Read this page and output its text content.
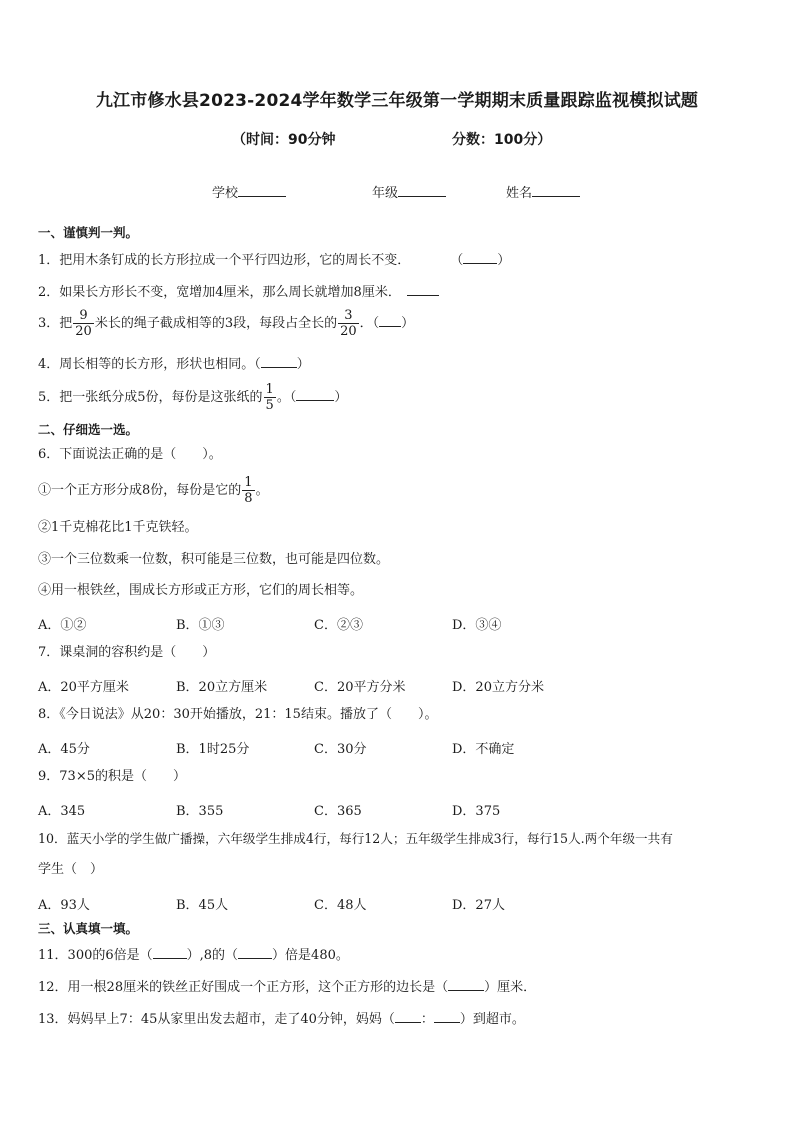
九江市修水县2023-2024学年数学三年级第一学期期末质量跟踪监视模拟试题
（时间：90分钟	分数：100分）
学校	年级	姓名
一、谨慎判一判。
1．把用木条钉成的长方形拉成一个平行四边形，它的周长不变．	（	）
2．如果长方形长不变，宽增加4厘米，那么周长就增加8厘米．
3．把 $\frac{9}{20}$ 米长的绳子截成相等的3段，每段占全长的 $\frac{3}{20}$ ．（ ）
4．周长相等的长方形，形状也相同。（	）
5．把一张纸分成5份，每份是这张纸的 $\frac{1}{5}$ 。（	）
二、仔细选一选。
6．下面说法正确的是（　　）。
①一个正方形分成8份，每份是它的 $\frac{1}{8}$ 。
②1千克棉花比1千克铁轻。
③一个三位数乘一位数，积可能是三位数，也可能是四位数。
④用一根铁丝，围成长方形或正方形，它们的周长相等。
A．①②	B．①③	C．②③	D．③④
7．课桌洞的容积约是（　　）
A．20平方厘米	B．20立方厘米	C．20平方分米	D．20立方分米
8．《今日说法》从20：30开始播放，21：15结束。播放了（　　）。
A．45分	B．1时25分	C．30分	D．不确定
9．73×5的积是（　　）
A．345	B．355	C．365	D．375
10．蓝天小学的学生做广播操，六年级学生排成4行，每行12人；五年级学生排成3行，每行15人.两个年级一共有
学生（　）
A．93人	B．45人	C．48人	D．27人
三、认真填一填。
11．300的6倍是（	）,8的（	）倍是480。
12．用一根28厘米的铁丝正好围成一个正方形，这个正方形的边长是（	）厘米．
13．妈妈早上7：45从家里出发去超市，走了40分钟，妈妈（ ： ）到超市。
